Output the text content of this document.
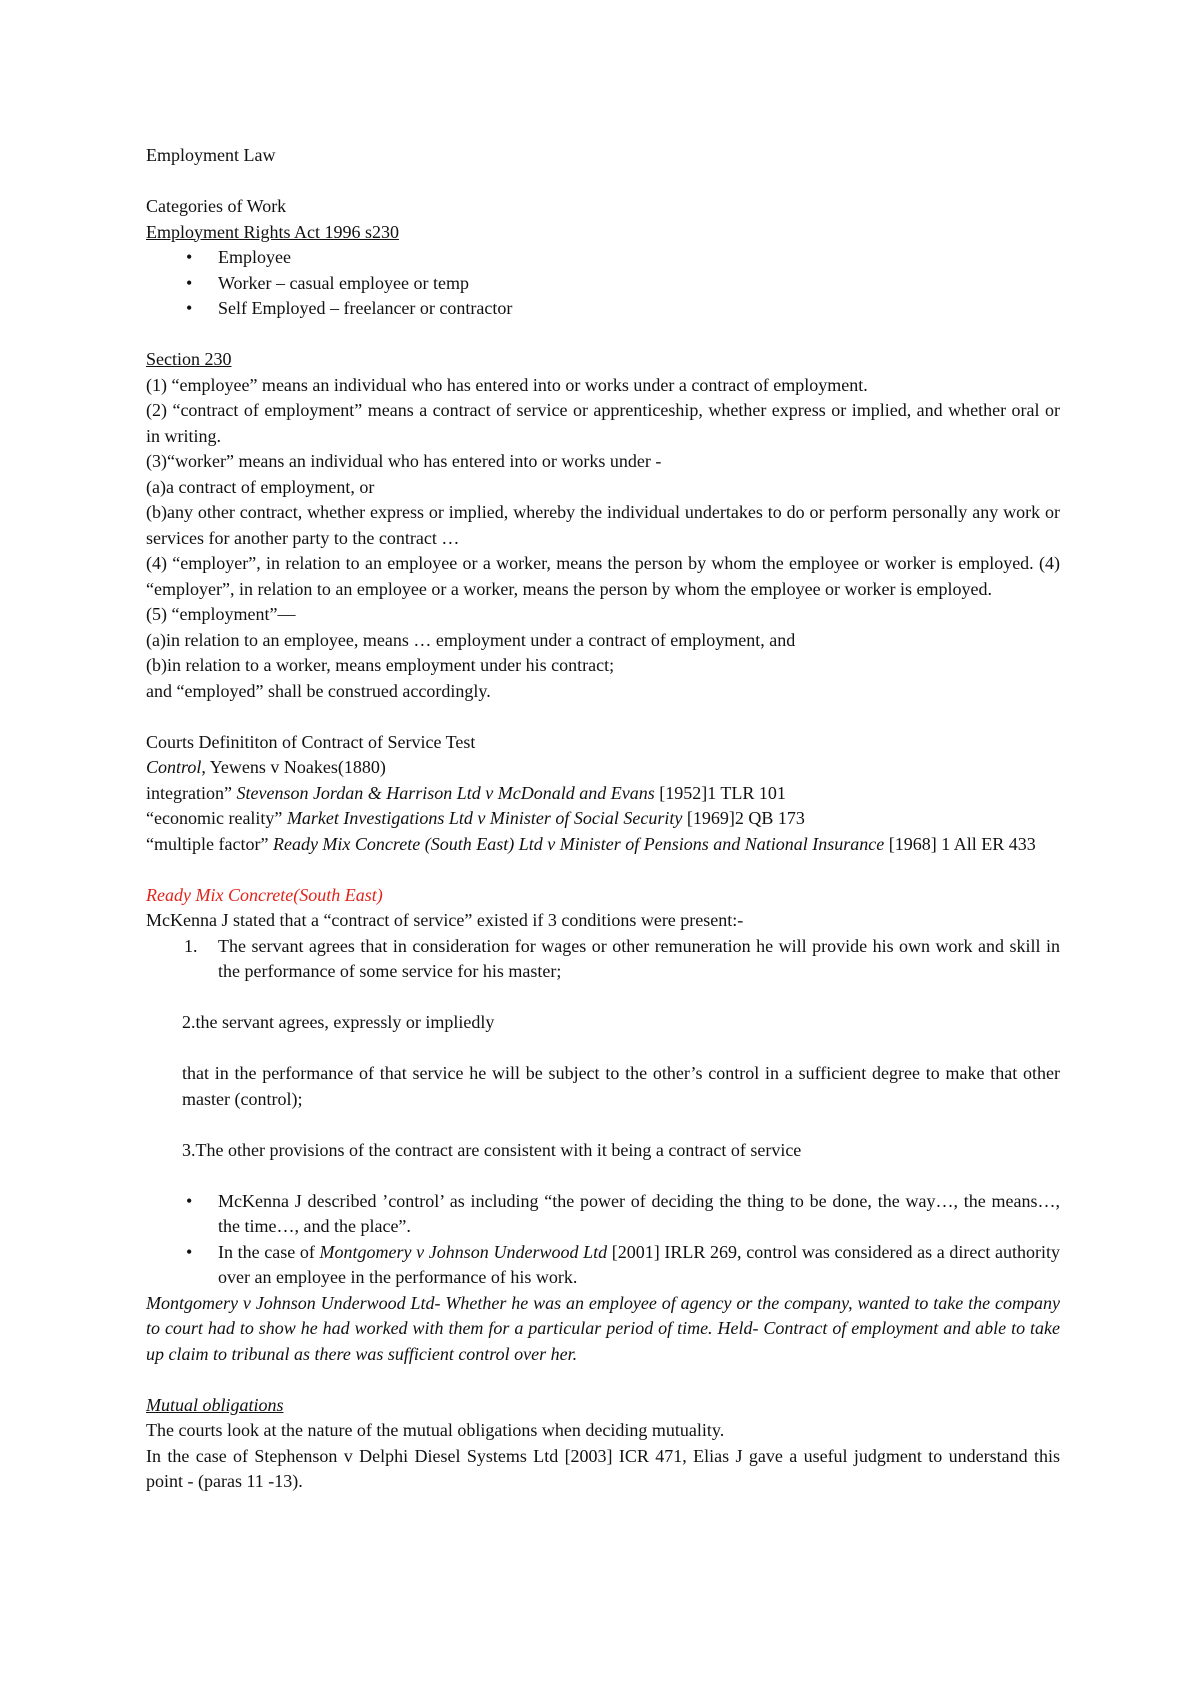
Employment Law

Categories of Work

Employment Rights Act 1996 s230

• Employee
• Worker – casual employee or temp
• Self Employed – freelancer or contractor

Section 230

(1) “employee” means an individual who has entered into or works under a contract of employment.

(2) “contract of employment” means a contract of service or apprenticeship, whether express or implied, and whether oral or in writing.

(3)“worker” means an individual who has entered into or works under -

(a)a contract of employment, or

(b)any other contract, whether express or implied, whereby the individual undertakes to do or perform personally any work or services for another party to the contract …

(4) “employer”, in relation to an employee or a worker, means the person by whom the employee or worker is employed. (4) “employer”, in relation to an employee or a worker, means the person by whom the employee or worker is employed.

(5) “employment”—

(a)in relation to an employee, means … employment under a contract of employment, and

(b)in relation to a worker, means employment under his contract;

and “employed” shall be construed accordingly.

Courts Definititon of Contract of Service Test

Control, Yewens v Noakes(1880)

integration” Stevenson Jordan & Harrison Ltd v McDonald and Evans [1952]1 TLR 101

“economic reality” Market Investigations Ltd v Minister of Social Security [1969]2 QB 173

“multiple factor” Ready Mix Concrete (South East) Ltd v Minister of Pensions and National Insurance [1968] 1 All ER 433

Ready Mix Concrete(South East)

McKenna J stated that a “contract of service” existed if 3 conditions were present:-

1. The servant agrees that in consideration for wages or other remuneration he will provide his own work and skill in the performance of some service for his master;

2.the servant agrees, expressly or impliedly

that in the performance of that service he will be subject to the other’s control in a sufficient degree to make that other master (control);

3.The other provisions of the contract are consistent with it being a contract of service

• McKenna J described ’control’ as including “the power of deciding the thing to be done, the way…, the means…, the time…, and the place”.
• In the case of Montgomery v Johnson Underwood Ltd [2001] IRLR 269, control was considered as a direct authority over an employee in the performance of his work.

Montgomery v Johnson Underwood Ltd- Whether he was an employee of agency or the company, wanted to take the company to court had to show he had worked with them for a particular period of time. Held- Contract of employment and able to take up claim to tribunal as there was sufficient control over her.

Mutual obligations

The courts look at the nature of the mutual obligations when deciding mutuality.

In the case of Stephenson v Delphi Diesel Systems Ltd [2003] ICR 471, Elias J gave a useful judgment to understand this point - (paras 11 -13).
